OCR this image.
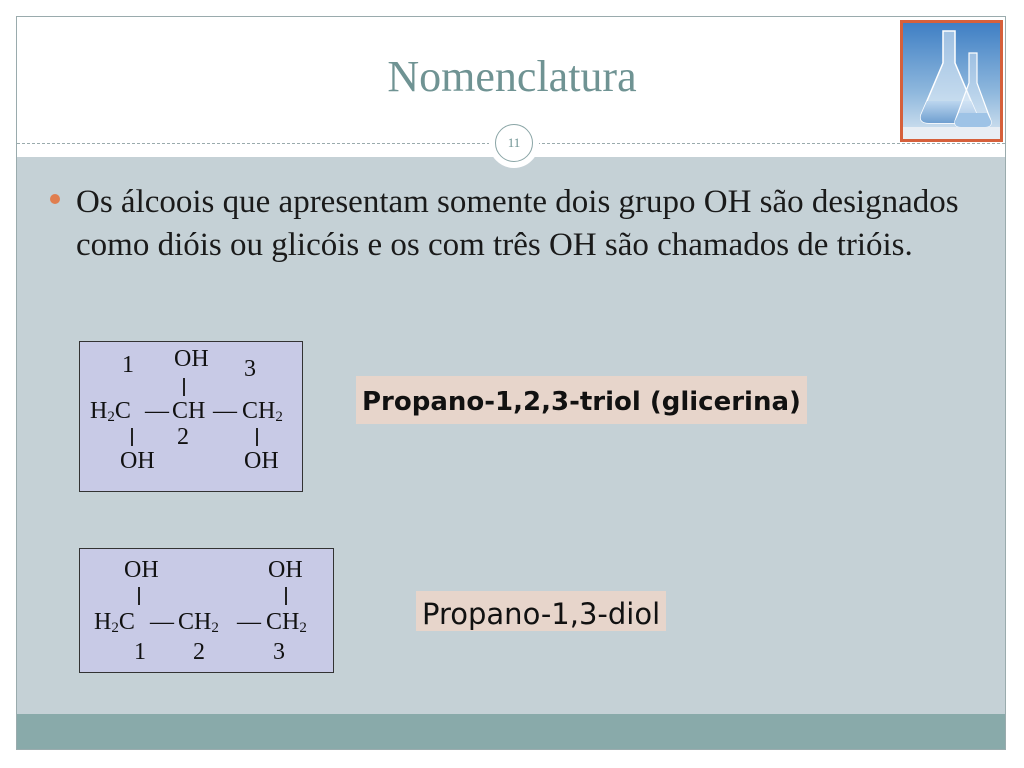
Nomenclatura
11
Os álcoois que apresentam somente dois grupo OH são designados como dióis ou glicóis e os com três OH são chamados de trióis.
1 OH 3
$H_2C$ — CH — $CH_2$
2
OH	OH
Propano-1,2,3-triol (glicerina)
OH	OH
$H_2C$ — $CH_2$ — $CH_2$
1 2	3
Propano-1,3-diol
